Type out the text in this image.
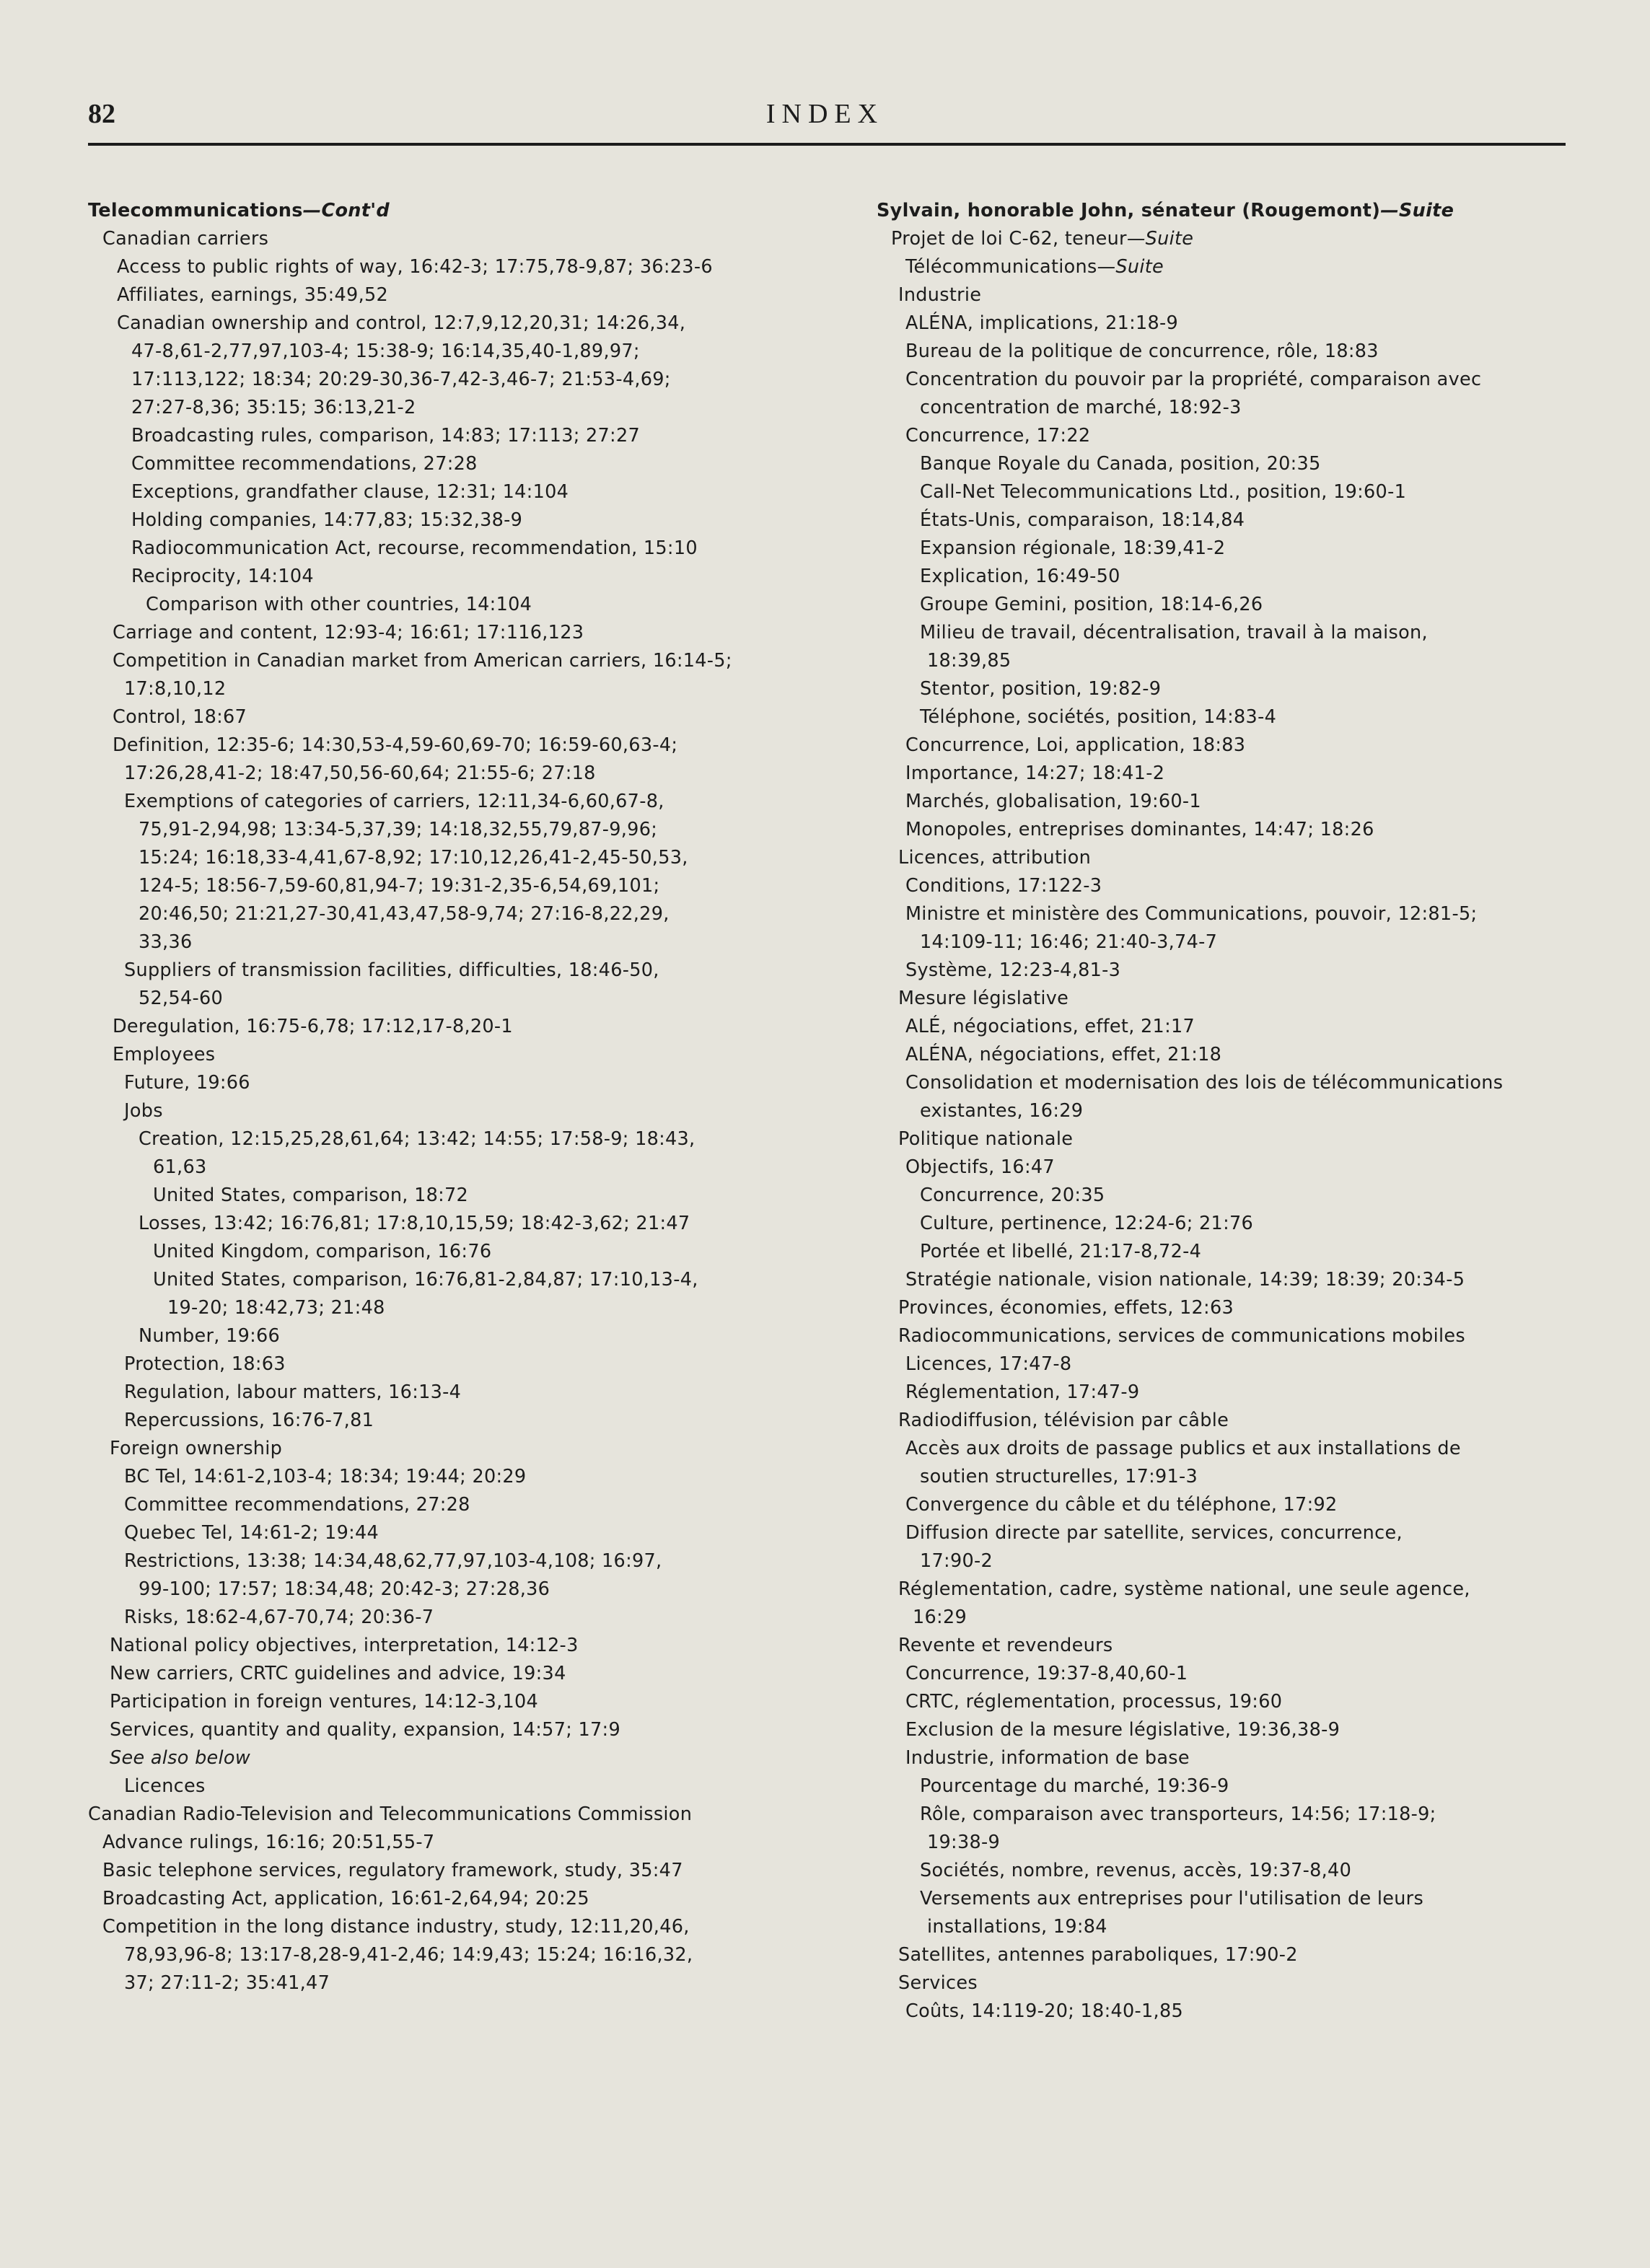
82	INDEX
Telecommunications—Cont'd
Canadian carriers
Access to public rights of way, 16:42-3; 17:75,78-9,87; 36:23-6
Affiliates, earnings, 35:49,52
Canadian ownership and control, 12:7,9,12,20,31; 14:26,34,
47-8,61-2,77,97,103-4; 15:38-9; 16:14,35,40-1,89,97;
17:113,122; 18:34; 20:29-30,36-7,42-3,46-7; 21:53-4,69;
27:27-8,36; 35:15; 36:13,21-2
Broadcasting rules, comparison, 14:83; 17:113; 27:27
Committee recommendations, 27:28
Exceptions, grandfather clause, 12:31; 14:104
Holding companies, 14:77,83; 15:32,38-9
Radiocommunication Act, recourse, recommendation, 15:10
Reciprocity, 14:104
Comparison with other countries, 14:104
Carriage and content, 12:93-4; 16:61; 17:116,123
Competition in Canadian market from American carriers, 16:14-5;
17:8,10,12
Control, 18:67
Definition, 12:35-6; 14:30,53-4,59-60,69-70; 16:59-60,63-4;
17:26,28,41-2; 18:47,50,56-60,64; 21:55-6; 27:18
Exemptions of categories of carriers, 12:11,34-6,60,67-8,
75,91-2,94,98; 13:34-5,37,39; 14:18,32,55,79,87-9,96;
15:24; 16:18,33-4,41,67-8,92; 17:10,12,26,41-2,45-50,53,
124-5; 18:56-7,59-60,81,94-7; 19:31-2,35-6,54,69,101;
20:46,50; 21:21,27-30,41,43,47,58-9,74; 27:16-8,22,29,
33,36
Suppliers of transmission facilities, difficulties, 18:46-50,
52,54-60
Deregulation, 16:75-6,78; 17:12,17-8,20-1
Employees
Future, 19:66
Jobs
Creation, 12:15,25,28,61,64; 13:42; 14:55; 17:58-9; 18:43,
61,63
United States, comparison, 18:72
Losses, 13:42; 16:76,81; 17:8,10,15,59; 18:42-3,62; 21:47
United Kingdom, comparison, 16:76
United States, comparison, 16:76,81-2,84,87; 17:10,13-4,
19-20; 18:42,73; 21:48
Number, 19:66
Protection, 18:63
Regulation, labour matters, 16:13-4
Repercussions, 16:76-7,81
Foreign ownership
BC Tel, 14:61-2,103-4; 18:34; 19:44; 20:29
Committee recommendations, 27:28
Quebec Tel, 14:61-2; 19:44
Restrictions, 13:38; 14:34,48,62,77,97,103-4,108; 16:97,
99-100; 17:57; 18:34,48; 20:42-3; 27:28,36
Risks, 18:62-4,67-70,74; 20:36-7
National policy objectives, interpretation, 14:12-3
New carriers, CRTC guidelines and advice, 19:34
Participation in foreign ventures, 14:12-3,104
Services, quantity and quality, expansion, 14:57; 17:9
See also below
Licences
Canadian Radio-Television and Telecommunications Commission
Advance rulings, 16:16; 20:51,55-7
Basic telephone services, regulatory framework, study, 35:47
Broadcasting Act, application, 16:61-2,64,94; 20:25
Competition in the long distance industry, study, 12:11,20,46,
78,93,96-8; 13:17-8,28-9,41-2,46; 14:9,43; 15:24; 16:16,32,
37; 27:11-2; 35:41,47
Sylvain, honorable John, sénateur (Rougemont)—Suite
Projet de loi C-62, teneur—Suite
Télécommunications—Suite
Industrie
ALÉNA, implications, 21:18-9
Bureau de la politique de concurrence, rôle, 18:83
Concentration du pouvoir par la propriété, comparaison avec
concentration de marché, 18:92-3
Concurrence, 17:22
Banque Royale du Canada, position, 20:35
Call-Net Telecommunications Ltd., position, 19:60-1
États-Unis, comparaison, 18:14,84
Expansion régionale, 18:39,41-2
Explication, 16:49-50
Groupe Gemini, position, 18:14-6,26
Milieu de travail, décentralisation, travail à la maison,
18:39,85
Stentor, position, 19:82-9
Téléphone, sociétés, position, 14:83-4
Concurrence, Loi, application, 18:83
Importance, 14:27; 18:41-2
Marchés, globalisation, 19:60-1
Monopoles, entreprises dominantes, 14:47; 18:26
Licences, attribution
Conditions, 17:122-3
Ministre et ministère des Communications, pouvoir, 12:81-5;
14:109-11; 16:46; 21:40-3,74-7
Système, 12:23-4,81-3
Mesure législative
ALÉ, négociations, effet, 21:17
ALÉNA, négociations, effet, 21:18
Consolidation et modernisation des lois de télécommunications
existantes, 16:29
Politique nationale
Objectifs, 16:47
Concurrence, 20:35
Culture, pertinence, 12:24-6; 21:76
Portée et libellé, 21:17-8,72-4
Stratégie nationale, vision nationale, 14:39; 18:39; 20:34-5
Provinces, économies, effets, 12:63
Radiocommunications, services de communications mobiles
Licences, 17:47-8
Réglementation, 17:47-9
Radiodiffusion, télévision par câble
Accès aux droits de passage publics et aux installations de
soutien structurelles, 17:91-3
Convergence du câble et du téléphone, 17:92
Diffusion directe par satellite, services, concurrence,
17:90-2
Réglementation, cadre, système national, une seule agence,
16:29
Revente et revendeurs
Concurrence, 19:37-8,40,60-1
CRTC, réglementation, processus, 19:60
Exclusion de la mesure législative, 19:36,38-9
Industrie, information de base
Pourcentage du marché, 19:36-9
Rôle, comparaison avec transporteurs, 14:56; 17:18-9;
19:38-9
Sociétés, nombre, revenus, accès, 19:37-8,40
Versements aux entreprises pour l'utilisation de leurs
installations, 19:84
Satellites, antennes paraboliques, 17:90-2
Services
Coûts, 14:119-20; 18:40-1,85
